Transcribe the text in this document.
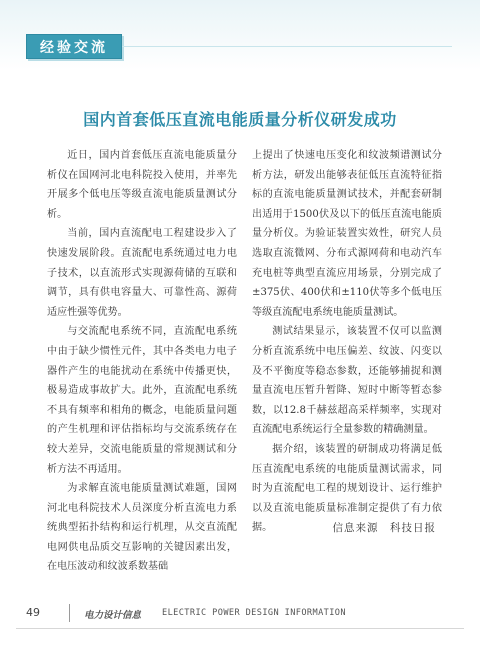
经验交流
国内首套低压直流电能质量分析仪研发成功

近日，国内首套低压直流电能质量分析仪在国网河北电科院投入使用，并率先开展多个低电压等级直流电能质量测试分析。

当前，国内直流配电工程建设步入了快速发展阶段。直流配电系统通过电力电子技术，以直流形式实现源荷储的互联和调节，具有供电容量大、可靠性高、源荷适应性强等优势。

与交流配电系统不同，直流配电系统中由于缺少惯性元件，其中各类电力电子器件产生的电能扰动在系统中传播更快，极易造成事故扩大。此外，直流配电系统不具有频率和相角的概念，电能质量问题的产生机理和评估指标均与交流系统存在较大差异，交流电能质量的常规测试和分析方法不再适用。

为求解直流电能质量测试难题，国网河北电科院技术人员深度分析直流电力系统典型拓扑结构和运行机理，从交直流配电网供电品质交互影响的关键因素出发，在电压波动和纹波系数基础

上提出了快速电压变化和纹波频谱测试分析方法，研发出能够表征低压直流特征指标的直流电能质量测试技术，并配套研制出适用于1500伏及以下的低压直流电能质量分析仪。为验证装置实效性，研究人员选取直流微网、分布式源网荷和电动汽车充电桩等典型直流应用场景，分别完成了±375伏、400伏和±110伏等多个低电压等级直流配电系统电能质量测试。

测试结果显示，该装置不仅可以监测分析直流系统中电压偏差、纹波、闪变以及不平衡度等稳态参数，还能够捕捉和测量直流电压暂升暂降、短时中断等暂态参数，以12.8千赫兹超高采样频率，实现对直流配电系统运行全量参数的精确测量。

据介绍，该装置的研制成功将满足低压直流配电系统的电能质量测试需求，同时为直流配电工程的规划设计、运行维护以及直流电能质量标准制定提供了有力依据。	信息来源　科技日报
49	电力设计信息 ELECTRIC POWER DESIGN INFORMATION
